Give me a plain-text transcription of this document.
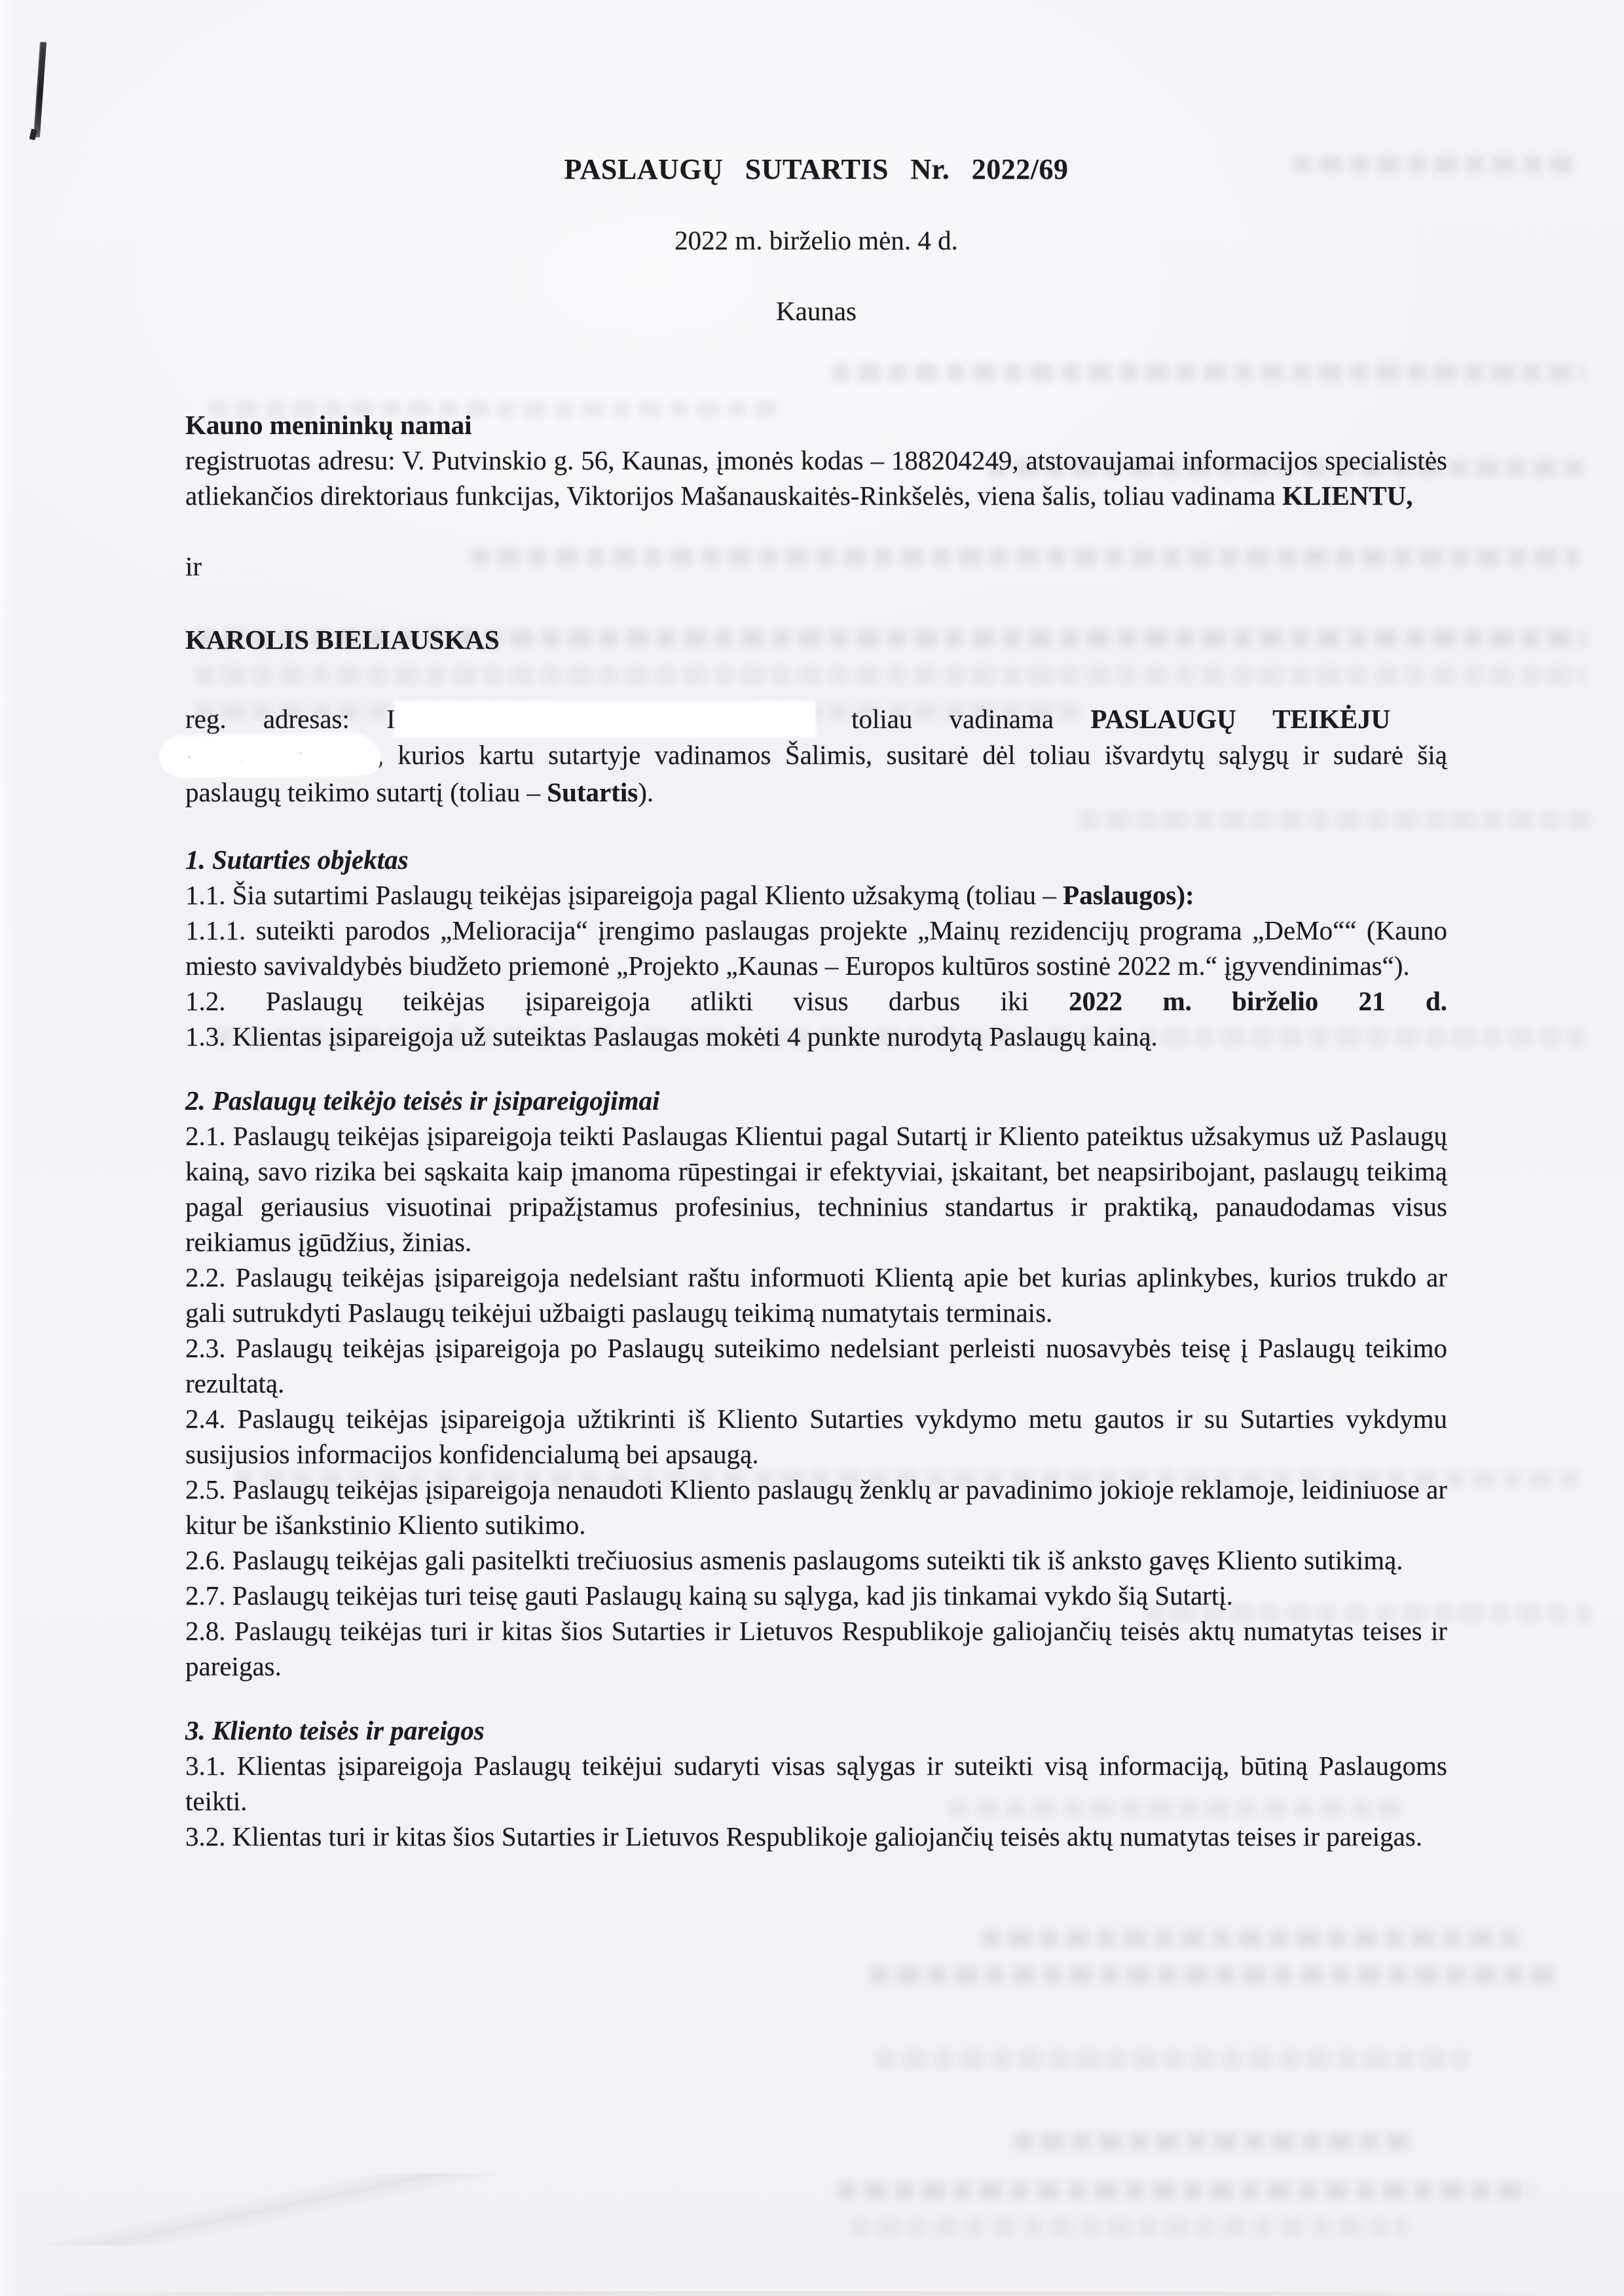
PASLAUGŲ SUTARTIS Nr. 2022/69
2022 m. birželio mėn. 4 d.
Kaunas

Kauno menininkų namai

registruotas adresu: V. Putvinskio g. 56, Kaunas, įmonės kodas – 188204249, atstovaujamai informacijos specialistės atliekančios direktoriaus funkcijas, Viktorijos Mašanauskaitės-Rinkšelės, viena šalis, toliau vadinama KLIENTU,

ir

KAROLIS BIELIAUSKAS

reg. adresas: I	toliau vadinama PASLAUGŲ TEIKĖJU

, kurios kartu sutartyje vadinamos Šalimis, susitarė dėl toliau išvardytų sąlygų ir sudarė šią paslaugų teikimo sutartį (toliau – Sutartis).

1. Sutarties objektas

1.1. Šia sutartimi Paslaugų teikėjas įsipareigoja pagal Kliento užsakymą (toliau – Paslaugos):

1.1.1. suteikti parodos „Melioracija“ įrengimo paslaugas projekte „Mainų rezidencijų programa „DeMo““ (Kauno miesto savivaldybės biudžeto priemonė „Projekto „Kaunas – Europos kultūros sostinė 2022 m.“ įgyvendinimas“).

1.2. Paslaugų teikėjas įsipareigoja atlikti visus darbus iki 2022 m. birželio 21 d.

1.3. Klientas įsipareigoja už suteiktas Paslaugas mokėti 4 punkte nurodytą Paslaugų kainą.

2. Paslaugų teikėjo teisės ir įsipareigojimai

2.1. Paslaugų teikėjas įsipareigoja teikti Paslaugas Klientui pagal Sutartį ir Kliento pateiktus užsakymus už Paslaugų kainą, savo rizika bei sąskaita kaip įmanoma rūpestingai ir efektyviai, įskaitant, bet neapsiribojant, paslaugų teikimą pagal geriausius visuotinai pripažįstamus profesinius, techninius standartus ir praktiką, panaudodamas visus reikiamus įgūdžius, žinias.

2.2. Paslaugų teikėjas įsipareigoja nedelsiant raštu informuoti Klientą apie bet kurias aplinkybes, kurios trukdo ar gali sutrukdyti Paslaugų teikėjui užbaigti paslaugų teikimą numatytais terminais.

2.3. Paslaugų teikėjas įsipareigoja po Paslaugų suteikimo nedelsiant perleisti nuosavybės teisę į Paslaugų teikimo rezultatą.

2.4. Paslaugų teikėjas įsipareigoja užtikrinti iš Kliento Sutarties vykdymo metu gautos ir su Sutarties vykdymu susijusios informacijos konfidencialumą bei apsaugą.

2.5. Paslaugų teikėjas įsipareigoja nenaudoti Kliento paslaugų ženklų ar pavadinimo jokioje reklamoje, leidiniuose ar kitur be išankstinio Kliento sutikimo.

2.6. Paslaugų teikėjas gali pasitelkti trečiuosius asmenis paslaugoms suteikti tik iš anksto gavęs Kliento sutikimą.

2.7. Paslaugų teikėjas turi teisę gauti Paslaugų kainą su sąlyga, kad jis tinkamai vykdo šią Sutartį.

2.8. Paslaugų teikėjas turi ir kitas šios Sutarties ir Lietuvos Respublikoje galiojančių teisės aktų numatytas teises ir pareigas.

3. Kliento teisės ir pareigos

3.1. Klientas įsipareigoja Paslaugų teikėjui sudaryti visas sąlygas ir suteikti visą informaciją, būtiną Paslaugoms teikti.

3.2. Klientas turi ir kitas šios Sutarties ir Lietuvos Respublikoje galiojančių teisės aktų numatytas teises ir pareigas.
